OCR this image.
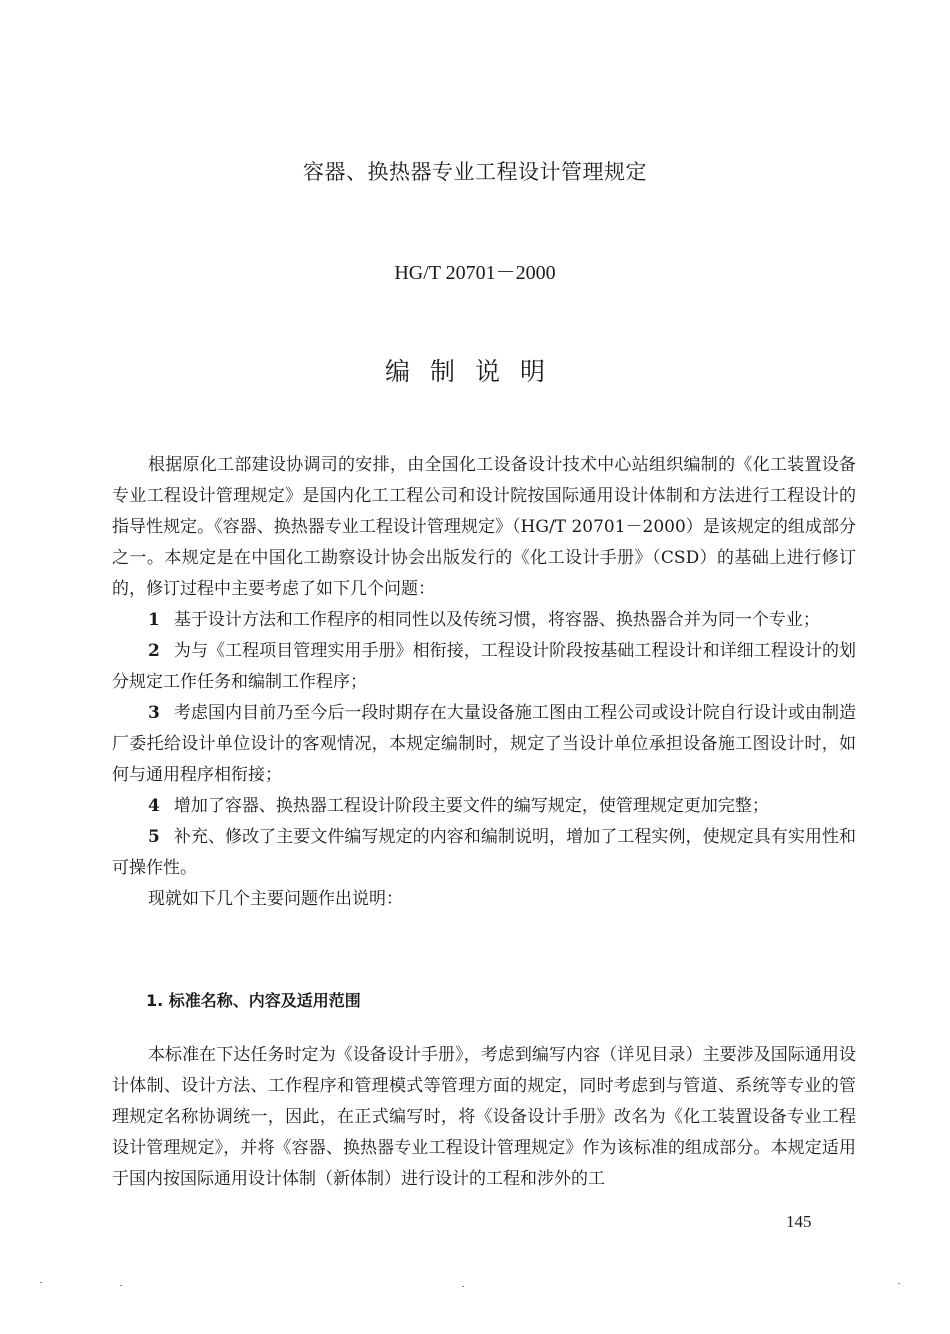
容器、换热器专业工程设计管理规定
HG/T 20701－2000
编制说明

根据原化工部建设协调司的安排，由全国化工设备设计技术中心站组织编制的《化工装置设备专业工程设计管理规定》是国内化工工程公司和设计院按国际通用设计体制和方法进行工程设计的指导性规定。《容器、换热器专业工程设计管理规定》（HG/T 20701－2000）是该规定的组成部分之一。本规定是在中国化工勘察设计协会出版发行的《化工设计手册》（CSD）的基础上进行修订的，修订过程中主要考虑了如下几个问题：

1 基于设计方法和工作程序的相同性以及传统习惯，将容器、换热器合并为同一个专业；

2 为与《工程项目管理实用手册》相衔接，工程设计阶段按基础工程设计和详细工程设计的划分规定工作任务和编制工作程序；

3 考虑国内目前乃至今后一段时期存在大量设备施工图由工程公司或设计院自行设计或由制造厂委托给设计单位设计的客观情况，本规定编制时，规定了当设计单位承担设备施工图设计时，如何与通用程序相衔接；

4 增加了容器、换热器工程设计阶段主要文件的编写规定，使管理规定更加完整；

5 补充、修改了主要文件编写规定的内容和编制说明，增加了工程实例，使规定具有实用性和可操作性。

现就如下几个主要问题作出说明：

1. 标准名称、内容及适用范围

本标准在下达任务时定为《设备设计手册》，考虑到编写内容（详见目录）主要涉及国际通用设计体制、设计方法、工作程序和管理模式等管理方面的规定，同时考虑到与管道、系统等专业的管理规定名称协调统一，因此，在正式编写时，将《设备设计手册》改名为《化工装置设备专业工程设计管理规定》，并将《容器、换热器专业工程设计管理规定》作为该标准的组成部分。本规定适用于国内按国际通用设计体制（新体制）进行设计的工程和涉外的工

145
